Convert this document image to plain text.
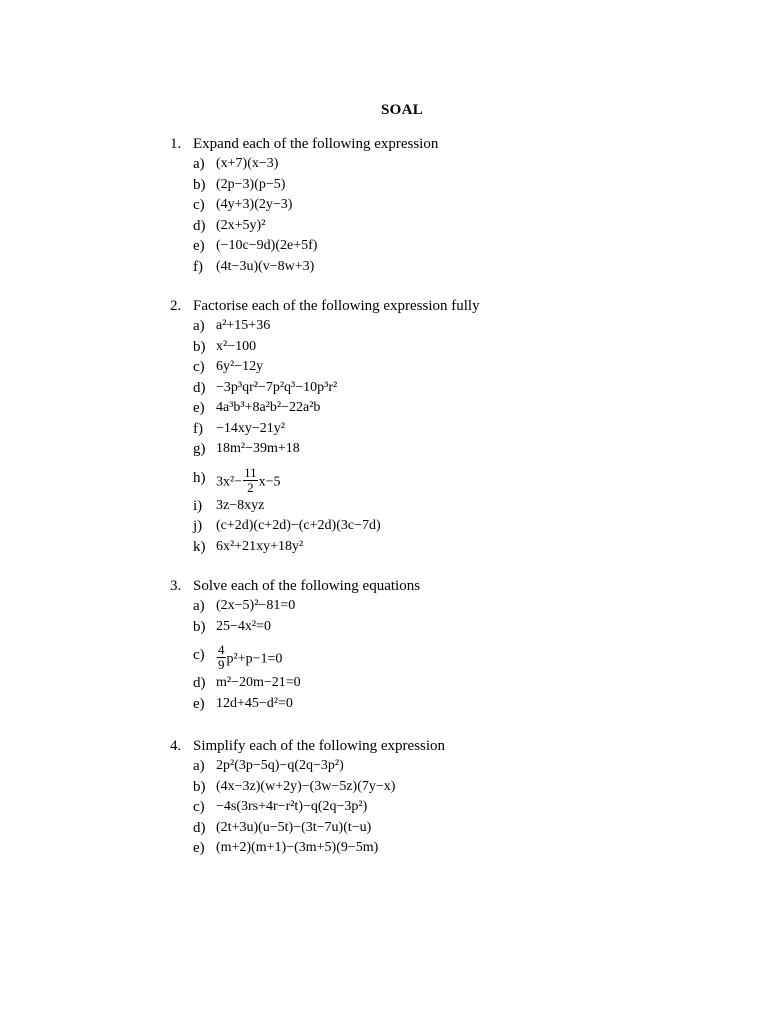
SOAL
1. Expand each of the following expression
a) (x+7)(x−3)
b) (2p−3)(p−5)
c) (4y+3)(2y−3)
d) (2x+5y)²
e) (−10c−9d)(2e+5f)
f) (4t−3u)(v−8w+3)
2. Factorise each of the following expression fully
a) a²+15+36
b) x²−100
c) 6y²−12y
d) −3p³qr²−7p²q³−10p³r²
e) 4a³b³+8a²b²−22a²b
f) −14xy−21y²
g) 18m²−39m+18
h) $3x^2- \frac{11}{2} x-5$
i) 3z−8xyz
j) (c+2d)(c+2d)−(c+2d)(3c−7d)
k) 6x²+21xy+18y²
3. Solve each of the following equations
a) (2x−5)²−81=0
b) 25−4x²=0
$c) \frac{4}{9} p^2+p-1=0$
d) m²−20m−21=0
e) 12d+45−d²=0
4. Simplify each of the following expression
a) 2p²(3p−5q)−q(2q−3p²)
b) (4x−3z)(w+2y)−(3w−5z)(7y−x)
c) −4s(3rs+4r−r²t)−q(2q−3p²)
d) (2t+3u)(u−5t)−(3t−7u)(t−u)
e) (m+2)(m+1)−(3m+5)(9−5m)
